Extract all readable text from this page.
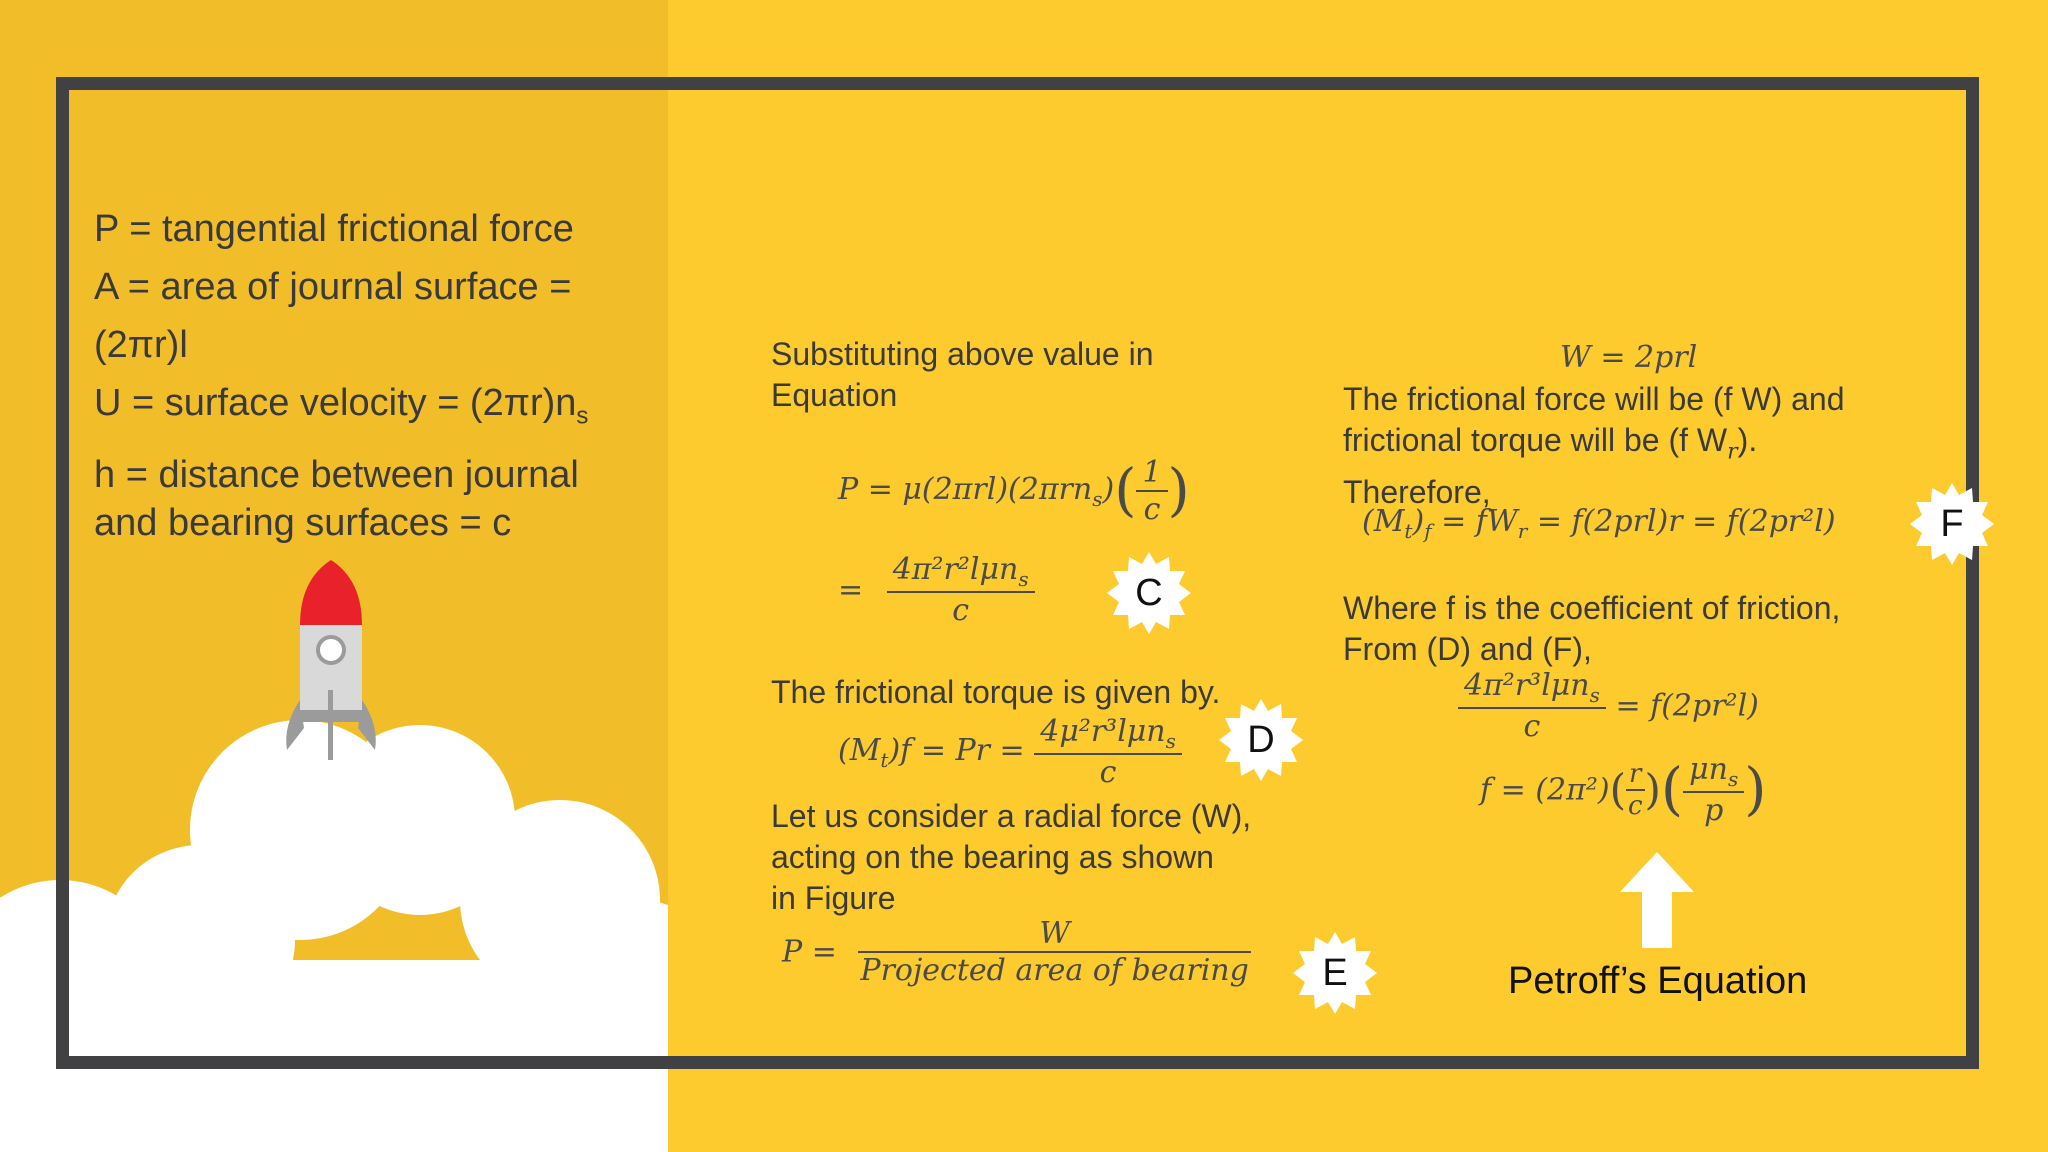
P = tangential frictional force
A = area of journal surface =
(2πr)l
U = surface velocity = $(2\pi r)n_s$
h = distance between journal
and bearing surfaces = c
Substituting above value in
Equation
$P = \mu(2\pi rl)(2\pi rn_s)( \frac{1}{c}$ )
= $\frac{4\pi^2r^2l\mu n_s}{c}$
The frictional torque is given by.
$(M_t)f = Pr = \frac{4\mu^2r^3l\mu n_s}{c}$
Let us consider a radial force (W),
acting on the bearing as shown
in Figure
$P = \frac{W}{\text{Projected area of bearing}}$
W = 2prl
The frictional force will be (f W) and
frictional torque will be (f $W_r$).
Therefore,
$(M_t)_f = fW_r = f(2prl)r = f(2pr^2l)$
Where f is the coefficient of friction,
From (D) and (F),
$\frac{4\pi^2r^3l\mu n_s}{c} = f(2pr^2l)$
$f = (2\pi^2)( \frac{r}{c}$ )( $\frac{\mu n_s}{p}$ )
Petroff’s Equation
C
D
E
F
